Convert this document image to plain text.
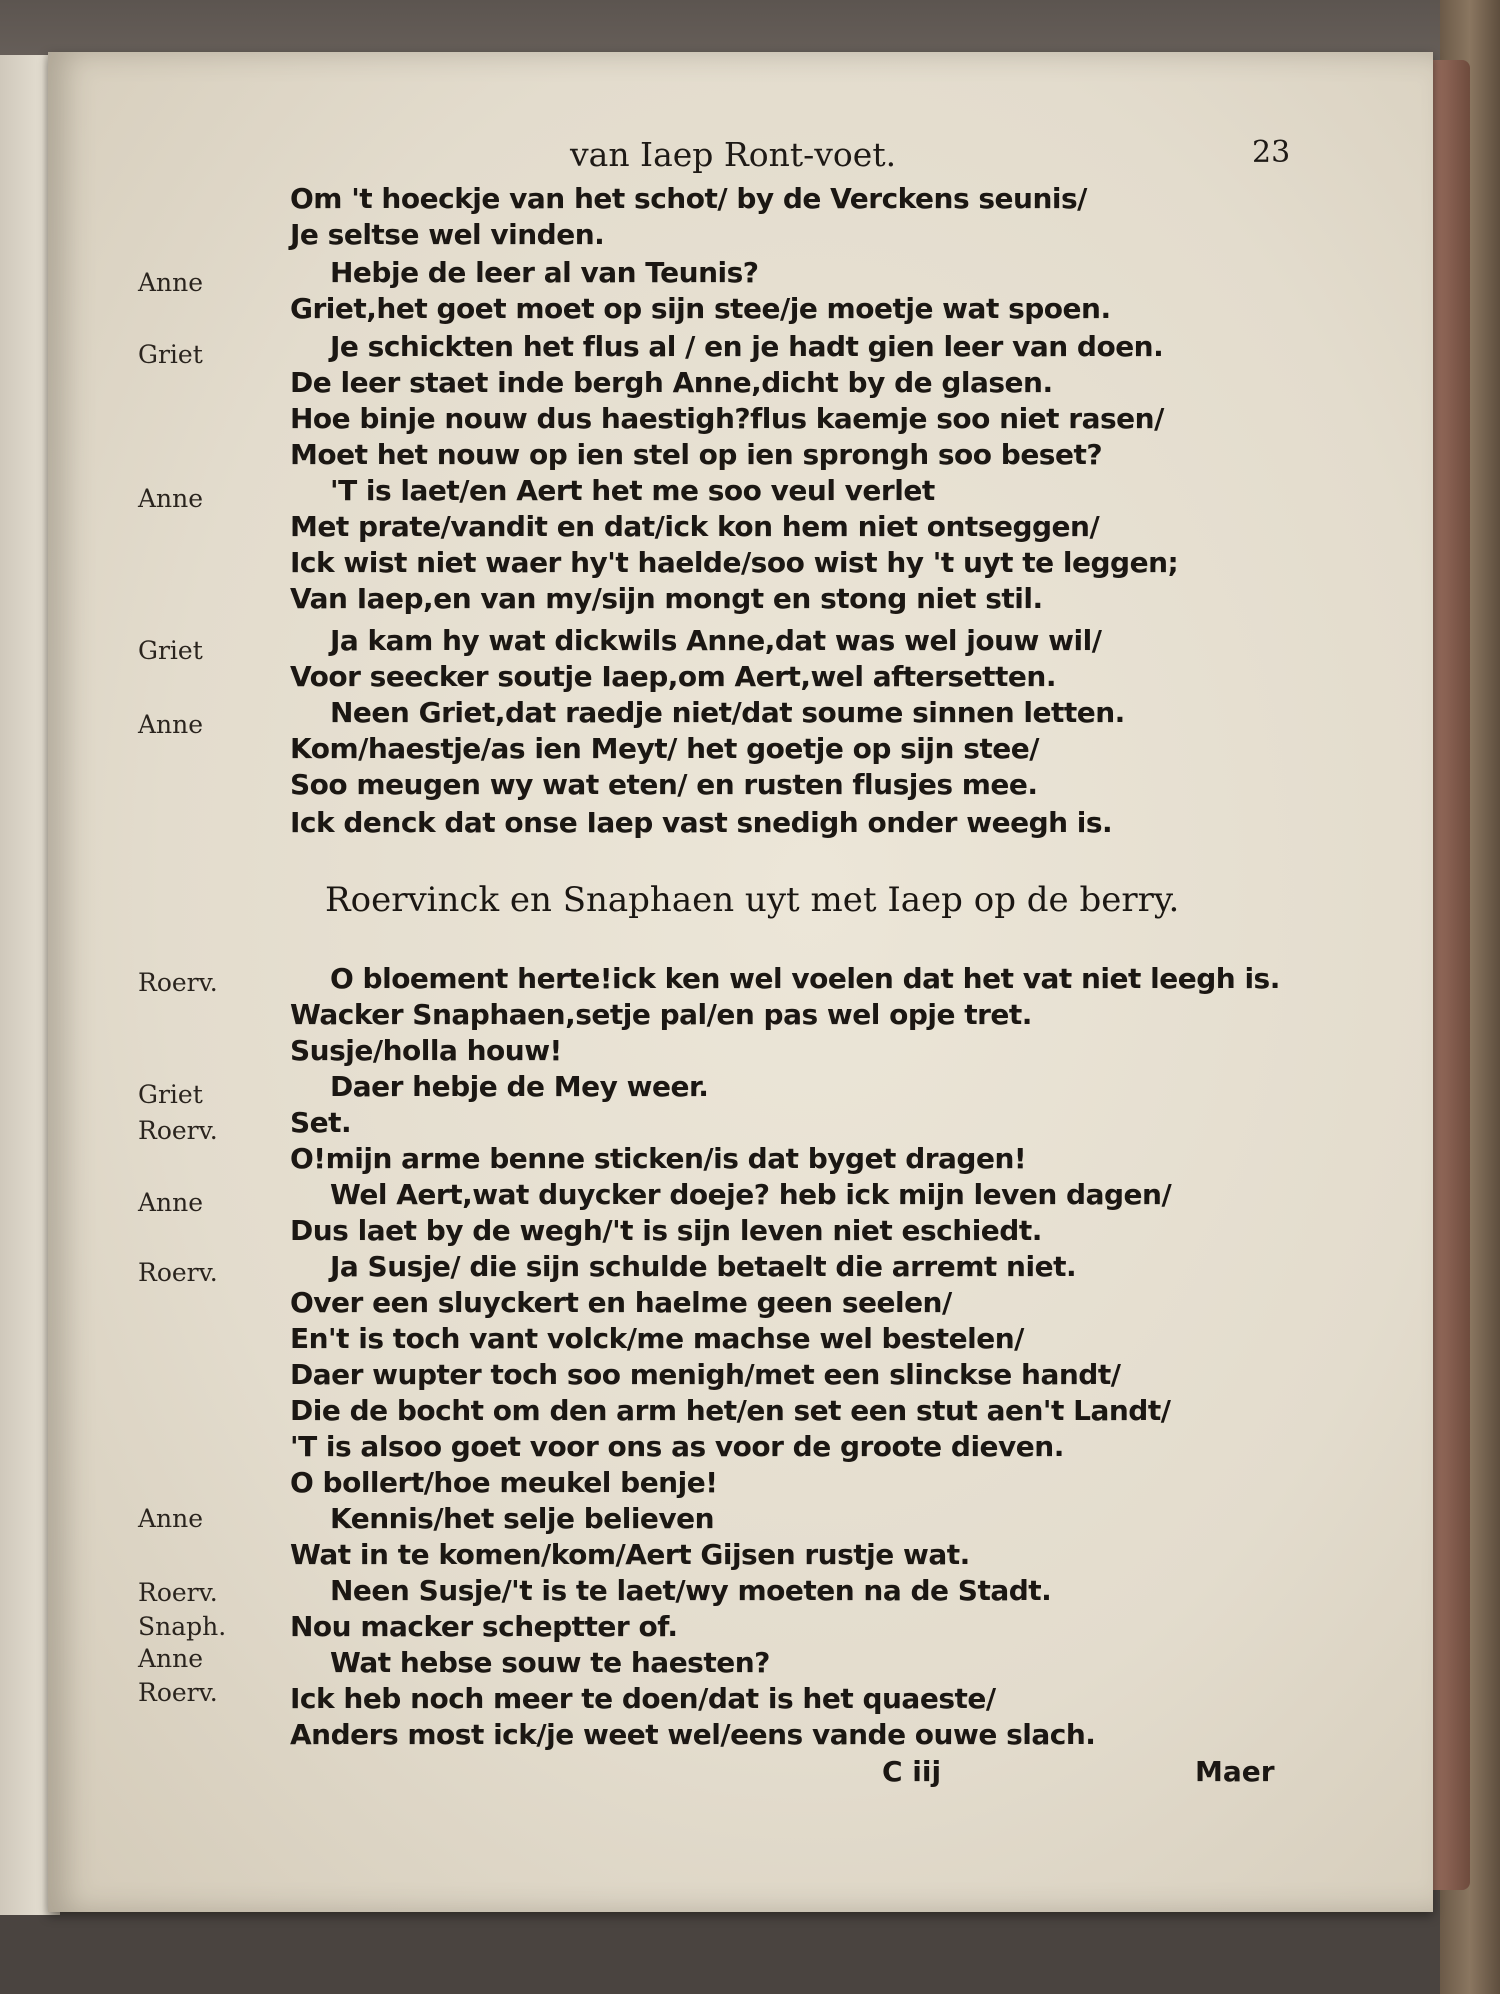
van Iaep Ront-voet.	23
Om 't hoeckje van het schot/ by de Verckens seunis/
Je seltse wel vinden.
Anne	Hebje de leer al van Teunis?
Griet,het goet moet op sijn stee/je moetje wat spoen.
Griet	Je schickten het flus al / en je hadt gien leer van doen.
De leer staet inde bergh Anne,dicht by de glasen.
Hoe binje nouw dus haestigh?flus kaemje soo niet rasen/
Moet het nouw op ien stel op ien sprongh soo beset?
Anne	'T is laet/en Aert het me soo veul verlet
Met prate/vandit en dat/ick kon hem niet ontseggen/
Ick wist niet waer hy't haelde/soo wist hy 't uyt te leggen;
Van Iaep,en van my/sijn mongt en stong niet stil.
Griet	Ja kam hy wat dickwils Anne,dat was wel jouw wil/
Voor seecker soutje Iaep,om Aert,wel aftersetten.
Anne	Neen Griet,dat raedje niet/dat soume sinnen letten.
Kom/haestje/as ien Meyt/ het goetje op sijn stee/
Soo meugen wy wat eten/ en rusten flusjes mee.
Ick denck dat onse Iaep vast snedigh onder weegh is.
Roervinck en Snaphaen uyt met Iaep op de berry.
Roerv.	O bloement herte!ick ken wel voelen dat het vat niet leegh is.
Wacker Snaphaen,setje pal/en pas wel opje tret.
Susje/holla houw!
Griet	Daer hebje de Mey weer.
Roerv.	Set.
O!mijn arme benne sticken/is dat byget dragen!
Anne	Wel Aert,wat duycker doeje? heb ick mijn leven dagen/
Dus laet by de wegh/'t is sijn leven niet eschiedt.
Roerv.	Ja Susje/ die sijn schulde betaelt die arremt niet.
Over een sluyckert en haelme geen seelen/
En't is toch vant volck/me machse wel bestelen/
Daer wupter toch soo menigh/met een slinckse handt/
Die de bocht om den arm het/en set een stut aen't Landt/
'T is alsoo goet voor ons as voor de groote dieven.
O bollert/hoe meukel benje!
Anne	Kennis/het selje believen
Wat in te komen/kom/Aert Gijsen rustje wat.
Roerv.	Neen Susje/'t is te laet/wy moeten na de Stadt.
Snaph. Nou macker scheptter of.
Anne	Wat hebse souw te haesten?
Roerv.	Ick heb noch meer te doen/dat is het quaeste/
Anders most ick/je weet wel/eens vande ouwe slach.
C iij	Maer
